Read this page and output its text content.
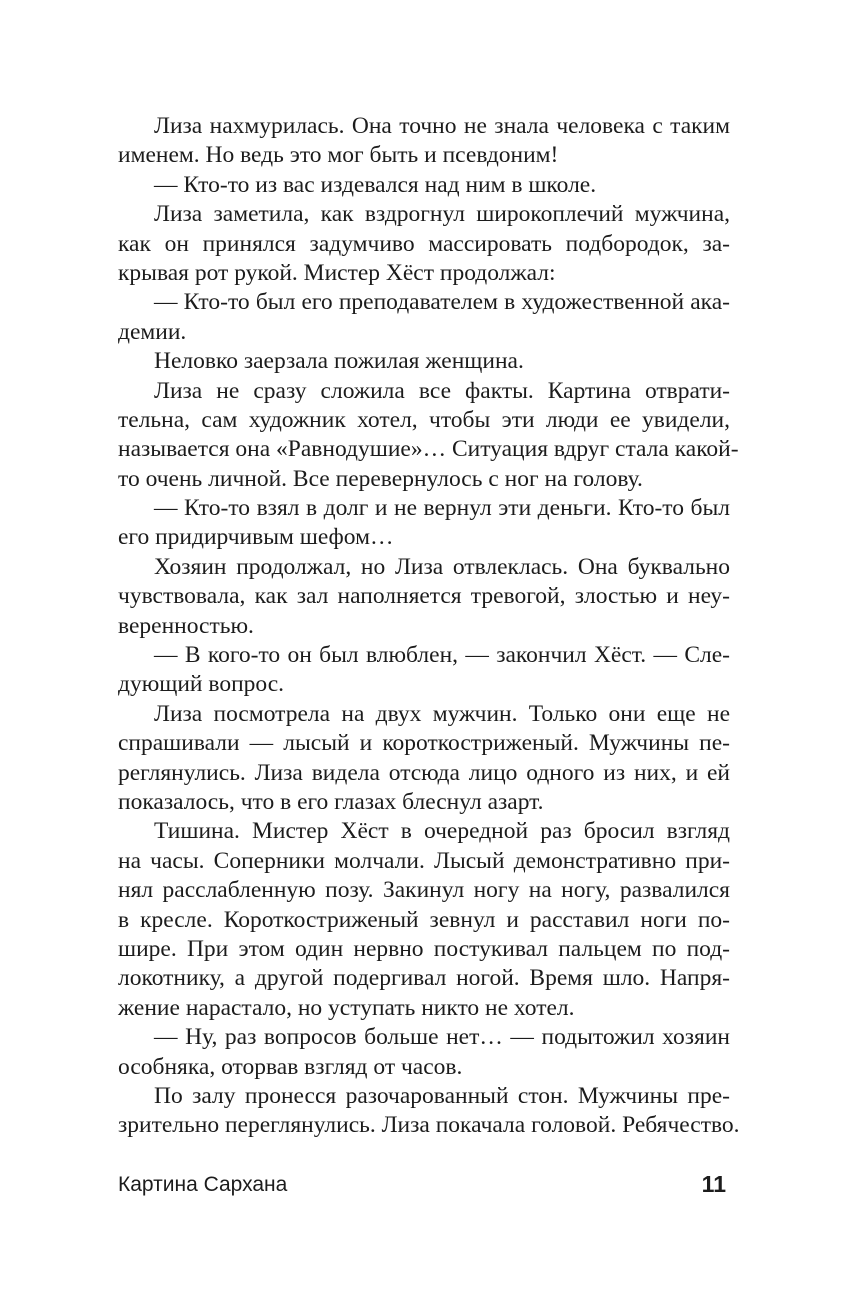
Лиза нахмурилась. Она точно не знала человека с таким
именем. Но ведь это мог быть и псевдоним!
— Кто-то из вас издевался над ним в школе.
Лиза заметила, как вздрогнул широкоплечий мужчина,
как он принялся задумчиво массировать подбородок, за-
крывая рот рукой. Мистер Хёст продолжал:
— Кто-то был его преподавателем в художественной ака-
демии.
Неловко заерзала пожилая женщина.
Лиза не сразу сложила все факты. Картина отврати-
тельна, сам художник хотел, чтобы эти люди ее увидели,
называется она «Равнодушие»… Ситуация вдруг стала какой-
то очень личной. Все перевернулось с ног на голову.
— Кто-то взял в долг и не вернул эти деньги. Кто-то был
его придирчивым шефом…
Хозяин продолжал, но Лиза отвлеклась. Она буквально
чувствовала, как зал наполняется тревогой, злостью и неу-
веренностью.
— В кого-то он был влюблен, — закончил Хёст. — Сле-
дующий вопрос.
Лиза посмотрела на двух мужчин. Только они еще не
спрашивали — лысый и короткостриженый. Мужчины пе-
реглянулись. Лиза видела отсюда лицо одного из них, и ей
показалось, что в его глазах блеснул азарт.
Тишина. Мистер Хёст в очередной раз бросил взгляд
на часы. Соперники молчали. Лысый демонстративно при-
нял расслабленную позу. Закинул ногу на ногу, развалился
в кресле. Короткостриженый зевнул и расставил ноги по-
шире. При этом один нервно постукивал пальцем по под-
локотнику, а другой подергивал ногой. Время шло. Напря-
жение нарастало, но уступать никто не хотел.
— Ну, раз вопросов больше нет… — подытожил хозяин
особняка, оторвав взгляд от часов.
По залу пронесся разочарованный стон. Мужчины пре-
зрительно переглянулись. Лиза покачала головой. Ребячество.
Картина Сархана	11
